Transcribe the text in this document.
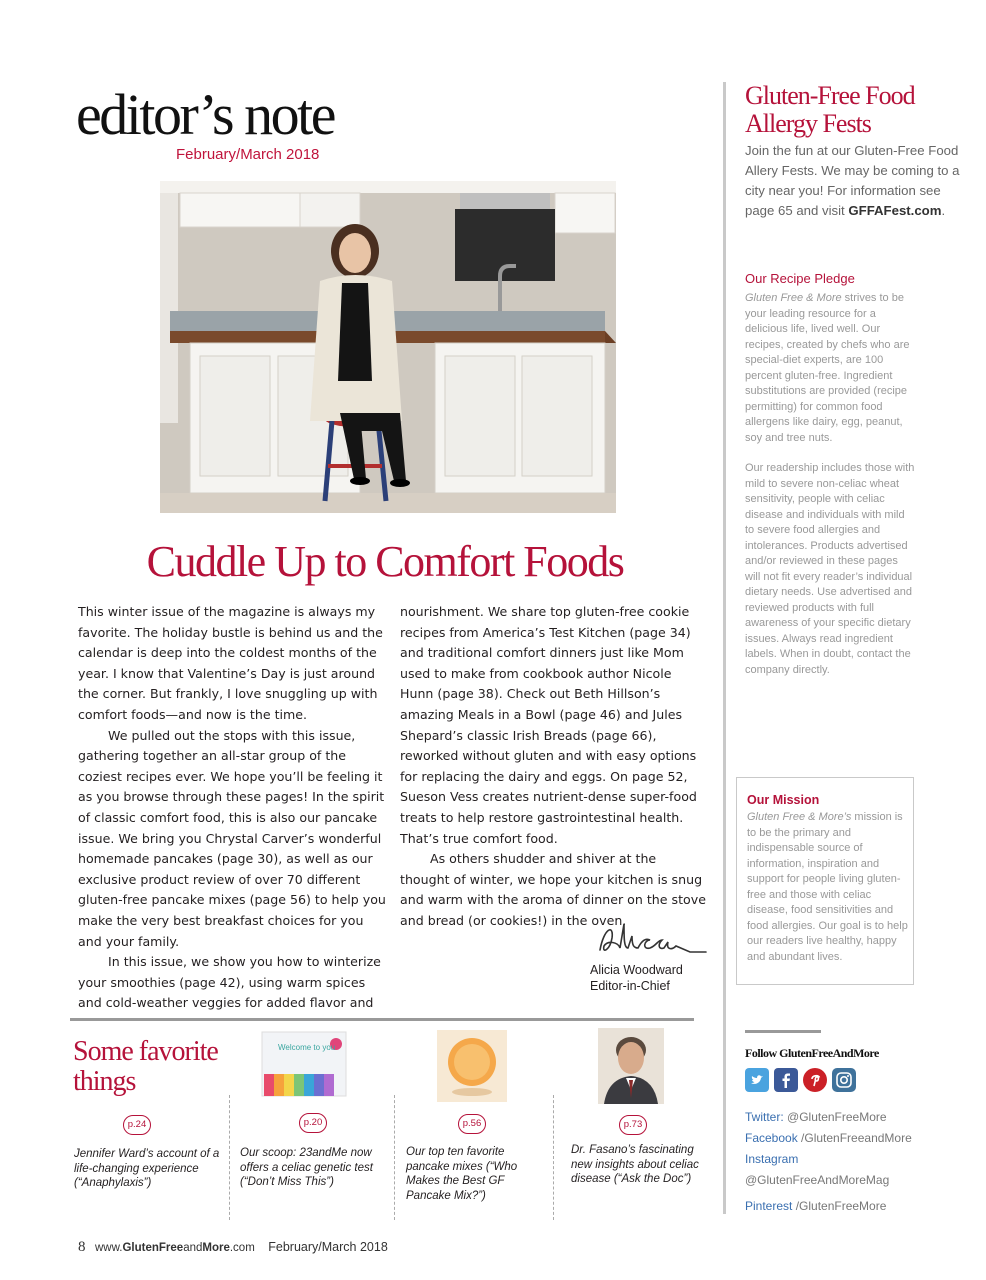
editor’s note
February/March 2018
Cuddle Up to Comfort Foods

This winter issue of the magazine is always my favorite. The holiday bustle is behind us and the calendar is deep into the coldest months of the year. I know that Valentine’s Day is just around the corner. But frankly, I love snuggling up with comfort foods—and now is the time.

We pulled out the stops with this issue, gathering together an all-star group of the coziest recipes ever. We hope you’ll be feeling it as you browse through these pages! In the spirit of classic comfort food, this is also our pancake issue. We bring you Chrystal Carver’s wonderful homemade pancakes (page 30), as well as our exclusive product review of over 70 different gluten-free pancake mixes (page 56) to help you make the very best breakfast choices for you and your family.

In this issue, we show you how to winterize your smoothies (page 42), using warm spices and cold-weather veggies for added flavor and

nourishment. We share top gluten-free cookie recipes from America’s Test Kitchen (page 34) and traditional comfort dinners just like Mom used to make from cookbook author Nicole Hunn (page 38). Check out Beth Hillson’s amazing Meals in a Bowl (page 46) and Jules Shepard’s classic Irish Breads (page 66), reworked without gluten and with easy options for replacing the dairy and eggs. On page 52, Sueson Vess creates nutrient-dense super-food treats to help restore gastrointestinal health. That’s true comfort food.

As others shudder and shiver at the thought of winter, we hope your kitchen is snug and warm with the aroma of dinner on the stove and bread (or cookies!) in the oven.

Alicia Woodward
Editor-in-Chief
Gluten-Free Food Allergy Fests
Join the fun at our Gluten-Free Food Allery Fests. We may be coming to a city near you! For information see page 65 and visit GFFAFest.com.
Our Recipe Pledge

Gluten Free & More strives to be your leading resource for a delicious life, lived well. Our recipes, created by chefs who are special-diet experts, are 100 percent gluten-free. Ingredient substitutions are provided (recipe permitting) for common food allergens like dairy, egg, peanut, soy and tree nuts.

Our readership includes those with mild to severe non-celiac wheat sensitivity, people with celiac disease and individuals with mild to severe food allergies and intolerances. Products advertised and/or reviewed in these pages will not fit every reader’s individual dietary needs. Use advertised and reviewed products with full awareness of your specific dietary issues. Always read ingredient labels. When in doubt, contact the company directly.

Our Mission
Gluten Free & More’s mission is to be the primary and indispensable source of information, inspiration and support for people living gluten-free and those with celiac disease, food sensitivities and food allergies. Our goal is to help our readers live healthy, happy and abundant lives.
Follow GlutenFreeAndMore
Twitter: @GlutenFreeMore
Facebook /GlutenFreeandMore
Instagram
@GlutenFreeAndMoreMag
Pinterest /GlutenFreeMore
Some favorite things
Welcome to you
p.24	p.20	p.56	p.73
Jennifer Ward’s account of a life-changing experience (“Anaphylaxis”)
Our scoop: 23andMe now offers a celiac genetic test (“Don’t Miss This”)
Our top ten favorite pancake mixes (“Who Makes the Best GF Pancake Mix?”)
Dr. Fasano’s fascinating new insights about celiac disease (“Ask the Doc”)
8 www.GlutenFreeandMore.com February/March 2018
